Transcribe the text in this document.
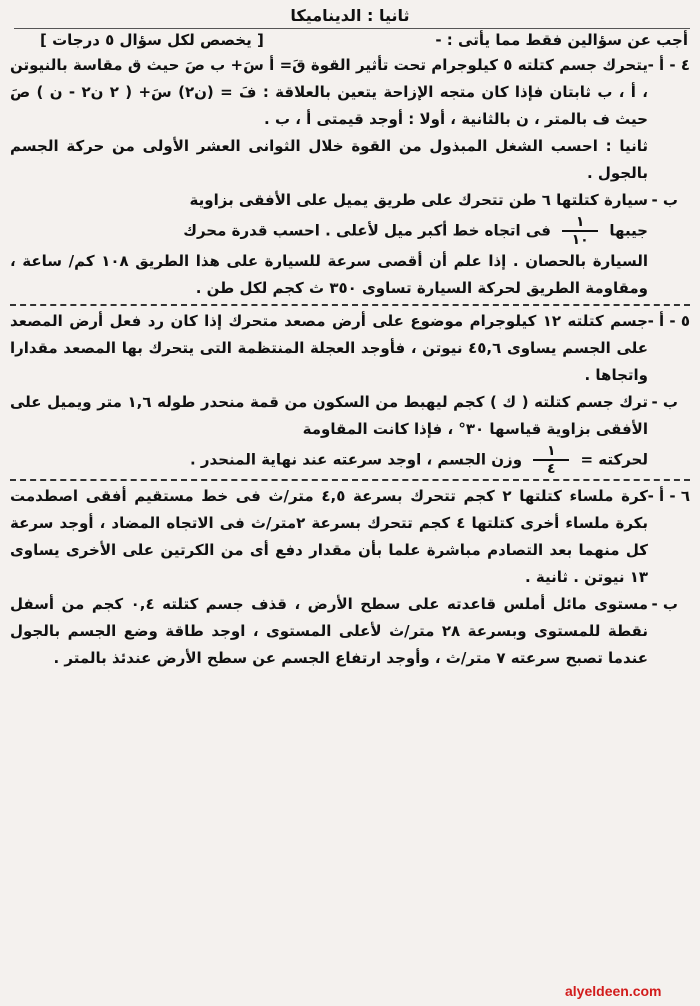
ثانيا : الديناميكا
أجب عن سؤالين فقط مما يأتى : -
[ يخصص لكل سؤال ٥ درجات ]
٤ - أ -
يتحرك جسم كتلته ٥ كيلوجرام تحت تأثير القوة قَ= أ سَ+ ب صَ حيث ق مقاسة بالنيوتن ، أ ، ب ثابتان فإذا كان متجه الإزاحة يتعين بالعلاقة : فَ = (ن٢) سَ+ ( ٢ ن٢ - ن ) صَ حيث ف بالمتر ، ن بالثانية ، أولا : أوجد قيمتى أ ، ب .
ثانيا : احسب الشغل المبذول من القوة خلال الثوانى العشر الأولى من حركة الجسم بالجول .
ب -
سيارة كتلتها ٦ طن تتحرك على طريق يميل على الأفقى بزاوية
جيبها
$\frac{١}{١٠}$
فى اتجاه خط أكبر ميل لأعلى . احسب قدرة محرك
السيارة بالحصان . إذا علم أن أقصى سرعة للسيارة على هذا الطريق ١٠٨ كم/ ساعة ، ومقاومة الطريق لحركة السيارة تساوى ٣٥٠ ث كجم لكل طن .
٥ - أ -
جسم كتلته ١٢ كيلوجرام موضوع على أرض مصعد متحرك إذا كان رد فعل أرض المصعد على الجسم يساوى ٤٥,٦ نيوتن ، فأوجد العجلة المنتظمة التى يتحرك بها المصعد مقدارا واتجاها .
ب -
ترك جسم كتلته ( ك ) كجم ليهبط من السكون من قمة منحدر طوله ١,٦ متر ويميل على الأفقى بزاوية قياسها ٣٠° ، فإذا كانت المقاومة
لحركته =
$\frac{١}{٤}$
وزن الجسم ، اوجد سرعته عند نهاية المنحدر .
٦ - أ -
كرة ملساء كتلتها ٢ كجم تتحرك بسرعة ٤,٥ متر/ث فى خط مستقيم أفقى اصطدمت بكرة ملساء أخرى كتلتها ٤ كجم تتحرك بسرعة ٢متر/ث فى الاتجاه المضاد ، أوجد سرعة كل منهما بعد التصادم مباشرة علما بأن مقدار دفع أى من الكرتين على الأخرى يساوى ١٣ نيوتن . ثانية .
ب -
مستوى مائل أملس قاعدته على سطح الأرض ، قذف جسم كتلته ٠,٤ كجم من أسفل نقطة للمستوى وبسرعة ٢٨ متر/ث لأعلى المستوى ، اوجد طاقة وضع الجسم بالجول عندما تصبح سرعته ٧ متر/ث ، وأوجد ارتفاع الجسم عن سطح الأرض عندئذ بالمتر .
alyeldeen.com
